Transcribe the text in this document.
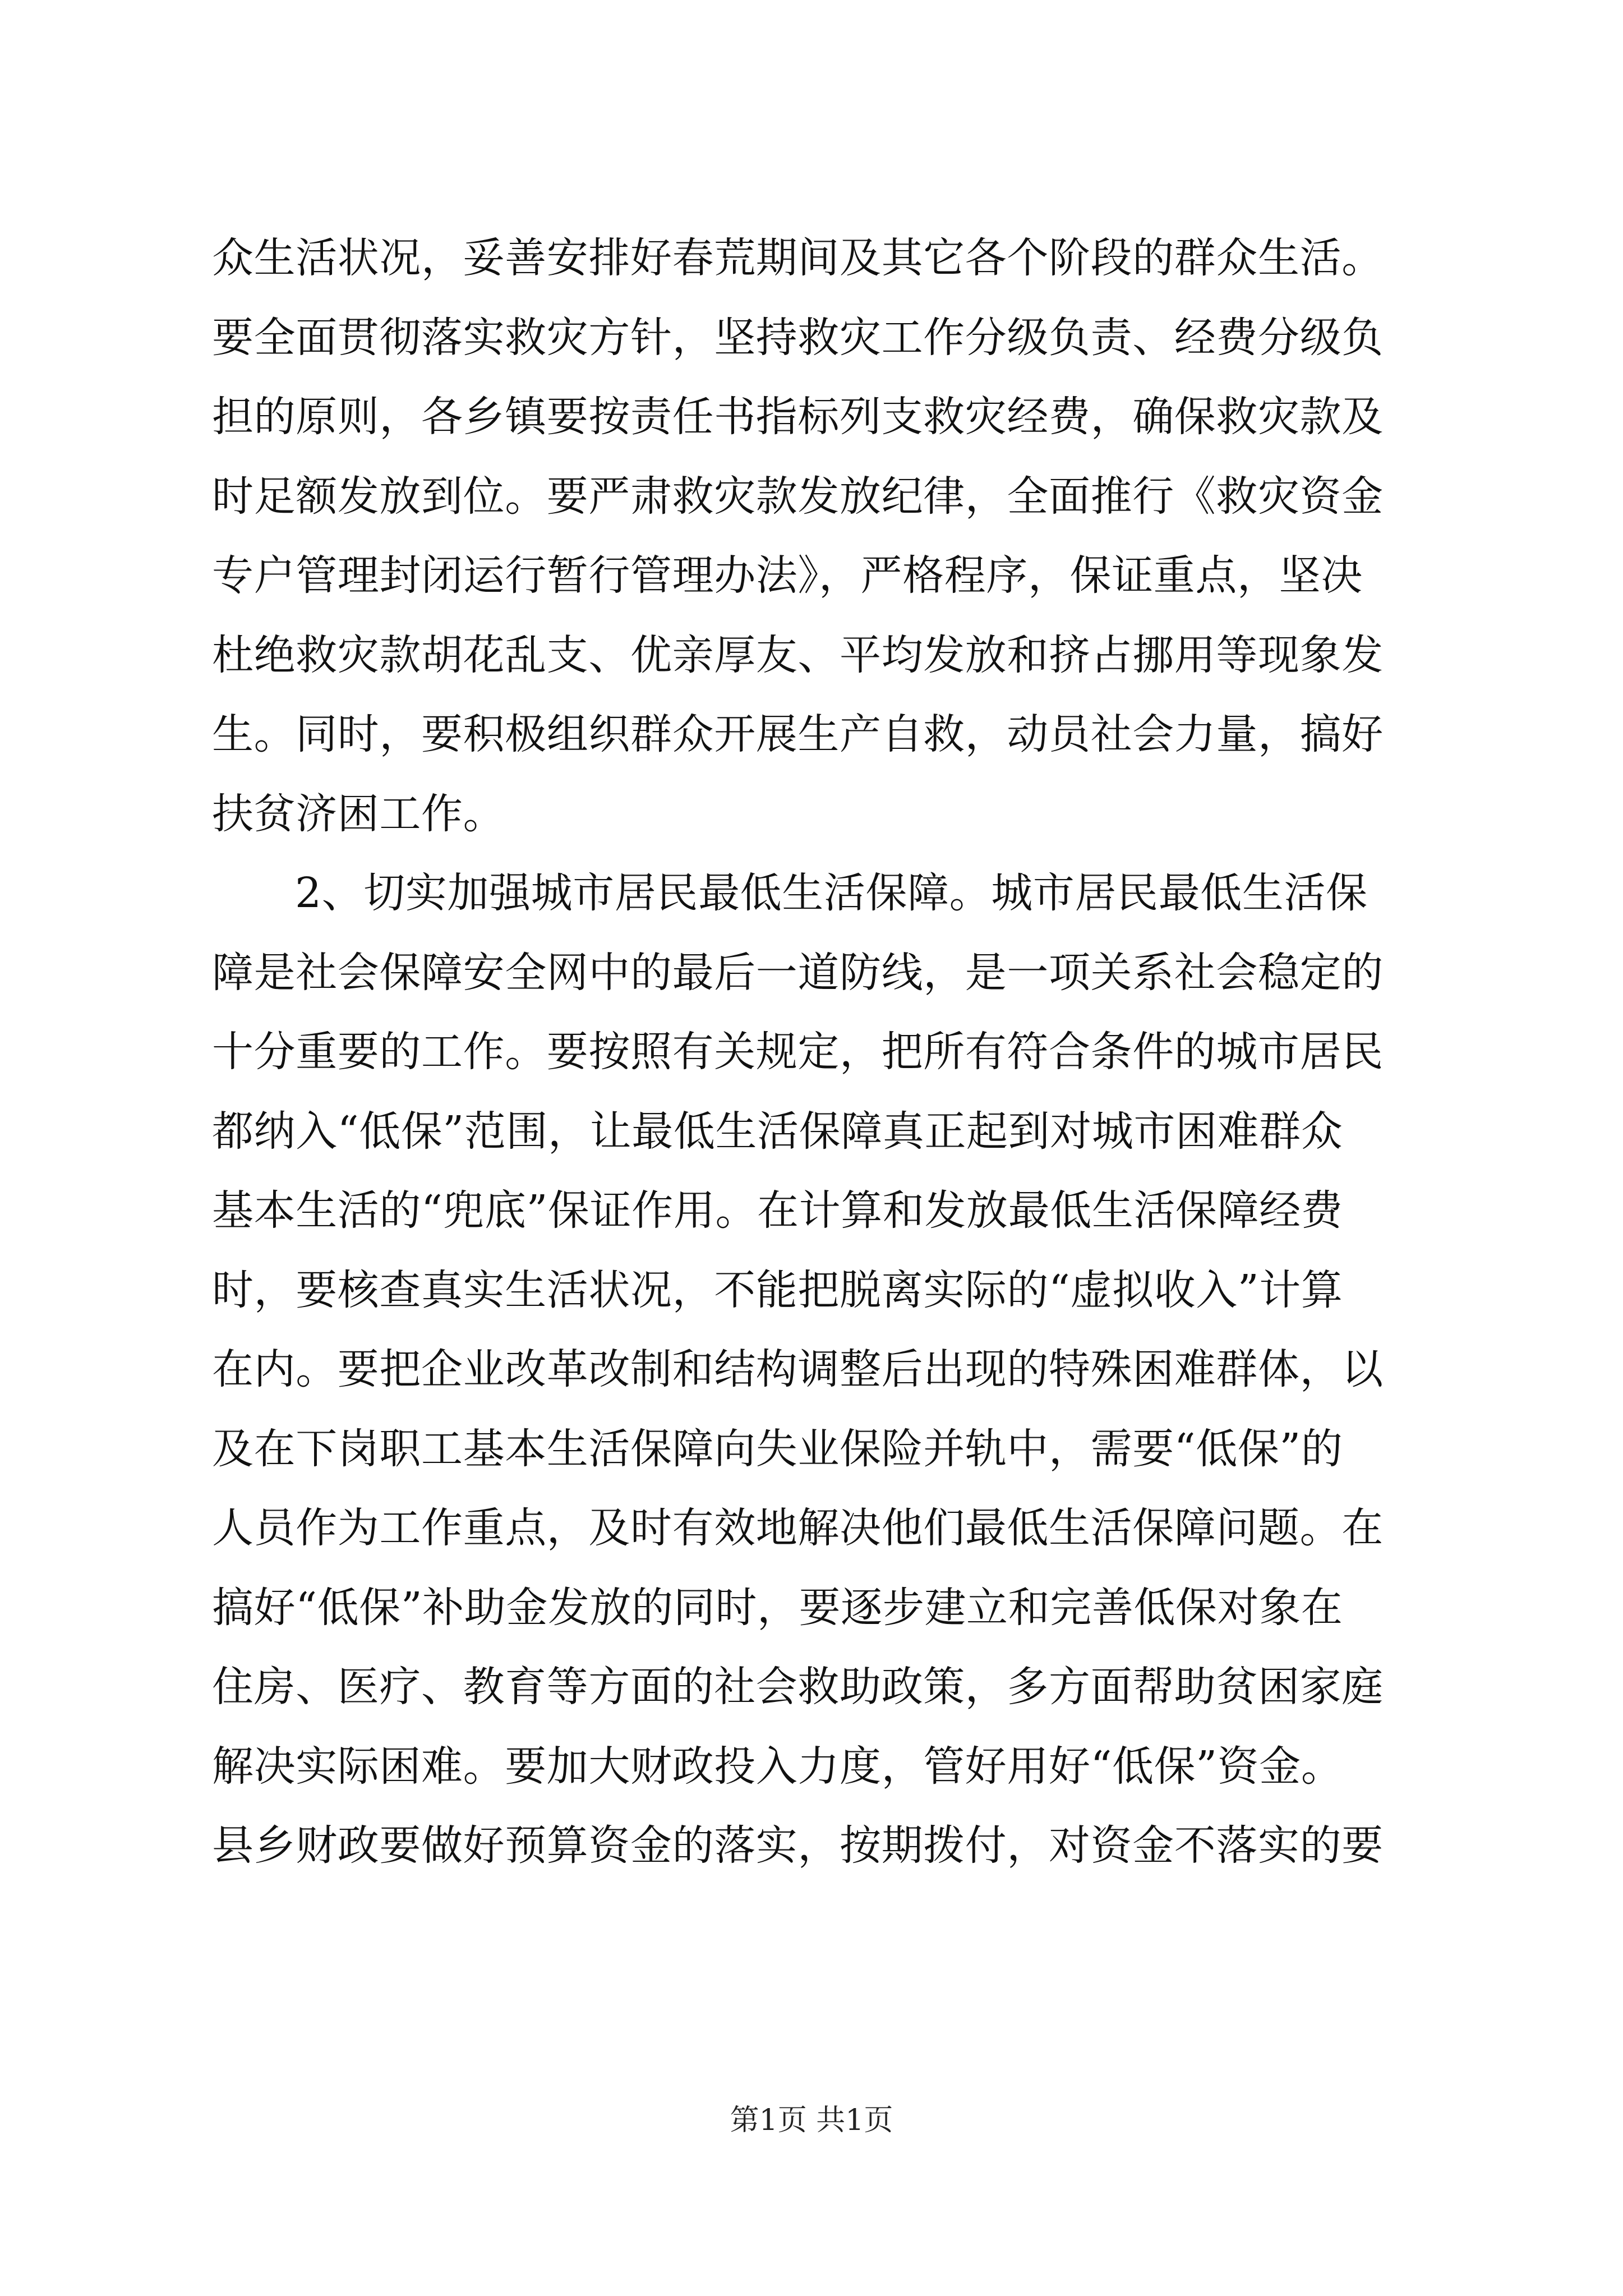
众生活状况，妥善安排好春荒期间及其它各个阶段的群众生活。
要全面贯彻落实救灾方针，坚持救灾工作分级负责、经费分级负
担的原则，各乡镇要按责任书指标列支救灾经费，确保救灾款及
时足额发放到位。要严肃救灾款发放纪律，全面推行《救灾资金
专户管理封闭运行暂行管理办法》，严格程序，保证重点，坚决
杜绝救灾款胡花乱支、优亲厚友、平均发放和挤占挪用等现象发
生。同时，要积极组织群众开展生产自救，动员社会力量，搞好
扶贫济困工作。
2、切实加强城市居民最低生活保障。城市居民最低生活保
障是社会保障安全网中的最后一道防线，是一项关系社会稳定的
十分重要的工作。要按照有关规定，把所有符合条件的城市居民
都纳入“低保”范围，让最低生活保障真正起到对城市困难群众
基本生活的“兜底”保证作用。在计算和发放最低生活保障经费
时，要核查真实生活状况，不能把脱离实际的“虚拟收入”计算
在内。要把企业改革改制和结构调整后出现的特殊困难群体，以
及在下岗职工基本生活保障向失业保险并轨中，需要“低保”的
人员作为工作重点，及时有效地解决他们最低生活保障问题。在
搞好“低保”补助金发放的同时，要逐步建立和完善低保对象在
住房、医疗、教育等方面的社会救助政策，多方面帮助贫困家庭
解决实际困难。要加大财政投入力度，管好用好“低保”资金。
县乡财政要做好预算资金的落实，按期拨付，对资金不落实的要
第1页 共1页
